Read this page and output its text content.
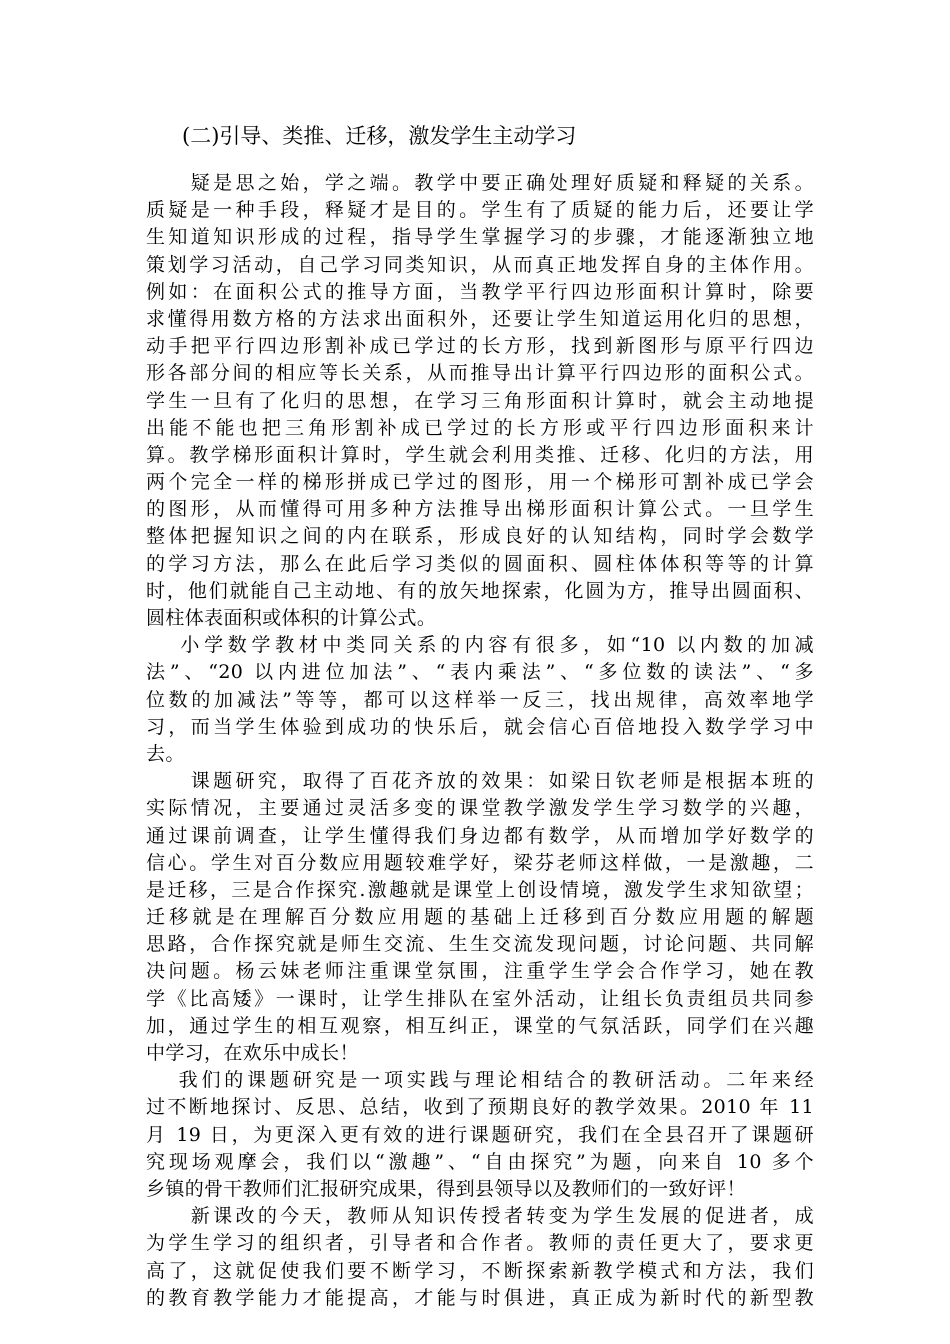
(二)引导、类推、迁移，激发学生主动学习
　　疑是思之始，学之端。教学中要正确处理好质疑和释疑的关系。
质疑是一种手段，释疑才是目的。学生有了质疑的能力后，还要让学
生知道知识形成的过程，指导学生掌握学习的步骤，才能逐渐独立地
策划学习活动，自己学习同类知识，从而真正地发挥自身的主体作用。
例如：在面积公式的推导方面，当教学平行四边形面积计算时，除要
求懂得用数方格的方法求出面积外，还要让学生知道运用化归的思想，
动手把平行四边形割补成已学过的长方形，找到新图形与原平行四边
形各部分间的相应等长关系，从而推导出计算平行四边形的面积公式。
学生一旦有了化归的思想，在学习三角形面积计算时，就会主动地提
出能不能也把三角形割补成已学过的长方形或平行四边形面积来计
算。教学梯形面积计算时，学生就会利用类推、迁移、化归的方法，用
两个完全一样的梯形拼成已学过的图形，用一个梯形可割补成已学会
的图形，从而懂得可用多种方法推导出梯形面积计算公式。一旦学生
整体把握知识之间的内在联系，形成良好的认知结构，同时学会数学
的学习方法，那么在此后学习类似的圆面积、圆柱体体积等等的计算
时，他们就能自己主动地、有的放矢地探索，化圆为方，推导出圆面积、
圆柱体表面积或体积的计算公式。
　 小学数学教材中类同关系的内容有很多，如“10 以内数的加减
法”、“20 以内进位加法”、“表内乘法”、“多位数的读法”、“多
位数的加减法”等等，都可以这样举一反三，找出规律，高效率地学
习，而当学生体验到成功的快乐后，就会信心百倍地投入数学学习中
去。
　　课题研究，取得了百花齐放的效果：如梁日钦老师是根据本班的
实际情况，主要通过灵活多变的课堂教学激发学生学习数学的兴趣，
通过课前调查，让学生懂得我们身边都有数学，从而增加学好数学的
信心。学生对百分数应用题较难学好，梁芬老师这样做，一是激趣，二
是迁移，三是合作探究.激趣就是课堂上创设情境，激发学生求知欲望；
迁移就是在理解百分数应用题的基础上迁移到百分数应用题的解题
思路，合作探究就是师生交流、生生交流发现问题，讨论问题、共同解
决问题。杨云妹老师注重课堂氛围，注重学生学会合作学习，她在教
学《比高矮》一课时，让学生排队在室外活动，让组长负责组员共同参
加，通过学生的相互观察，相互纠正，课堂的气氛活跃，同学们在兴趣
中学习，在欢乐中成长！
　 我们的课题研究是一项实践与理论相结合的教研活动。二年来经
过不断地探讨、反思、总结，收到了预期良好的教学效果。2010 年 11
月 19 日，为更深入更有效的进行课题研究，我们在全县召开了课题研
究现场观摩会，我们以“激趣”、“自由探究”为题，向来自 10 多个
乡镇的骨干教师们汇报研究成果，得到县领导以及教师们的一致好评！
　　新课改的今天，教师从知识传授者转变为学生发展的促进者，成
为学生学习的组织者，引导者和合作者。教师的责任更大了，要求更
高了，这就促使我们要不断学习，不断探索新教学模式和方法，我们
的教育教学能力才能提高，才能与时俱进，真正成为新时代的新型教
